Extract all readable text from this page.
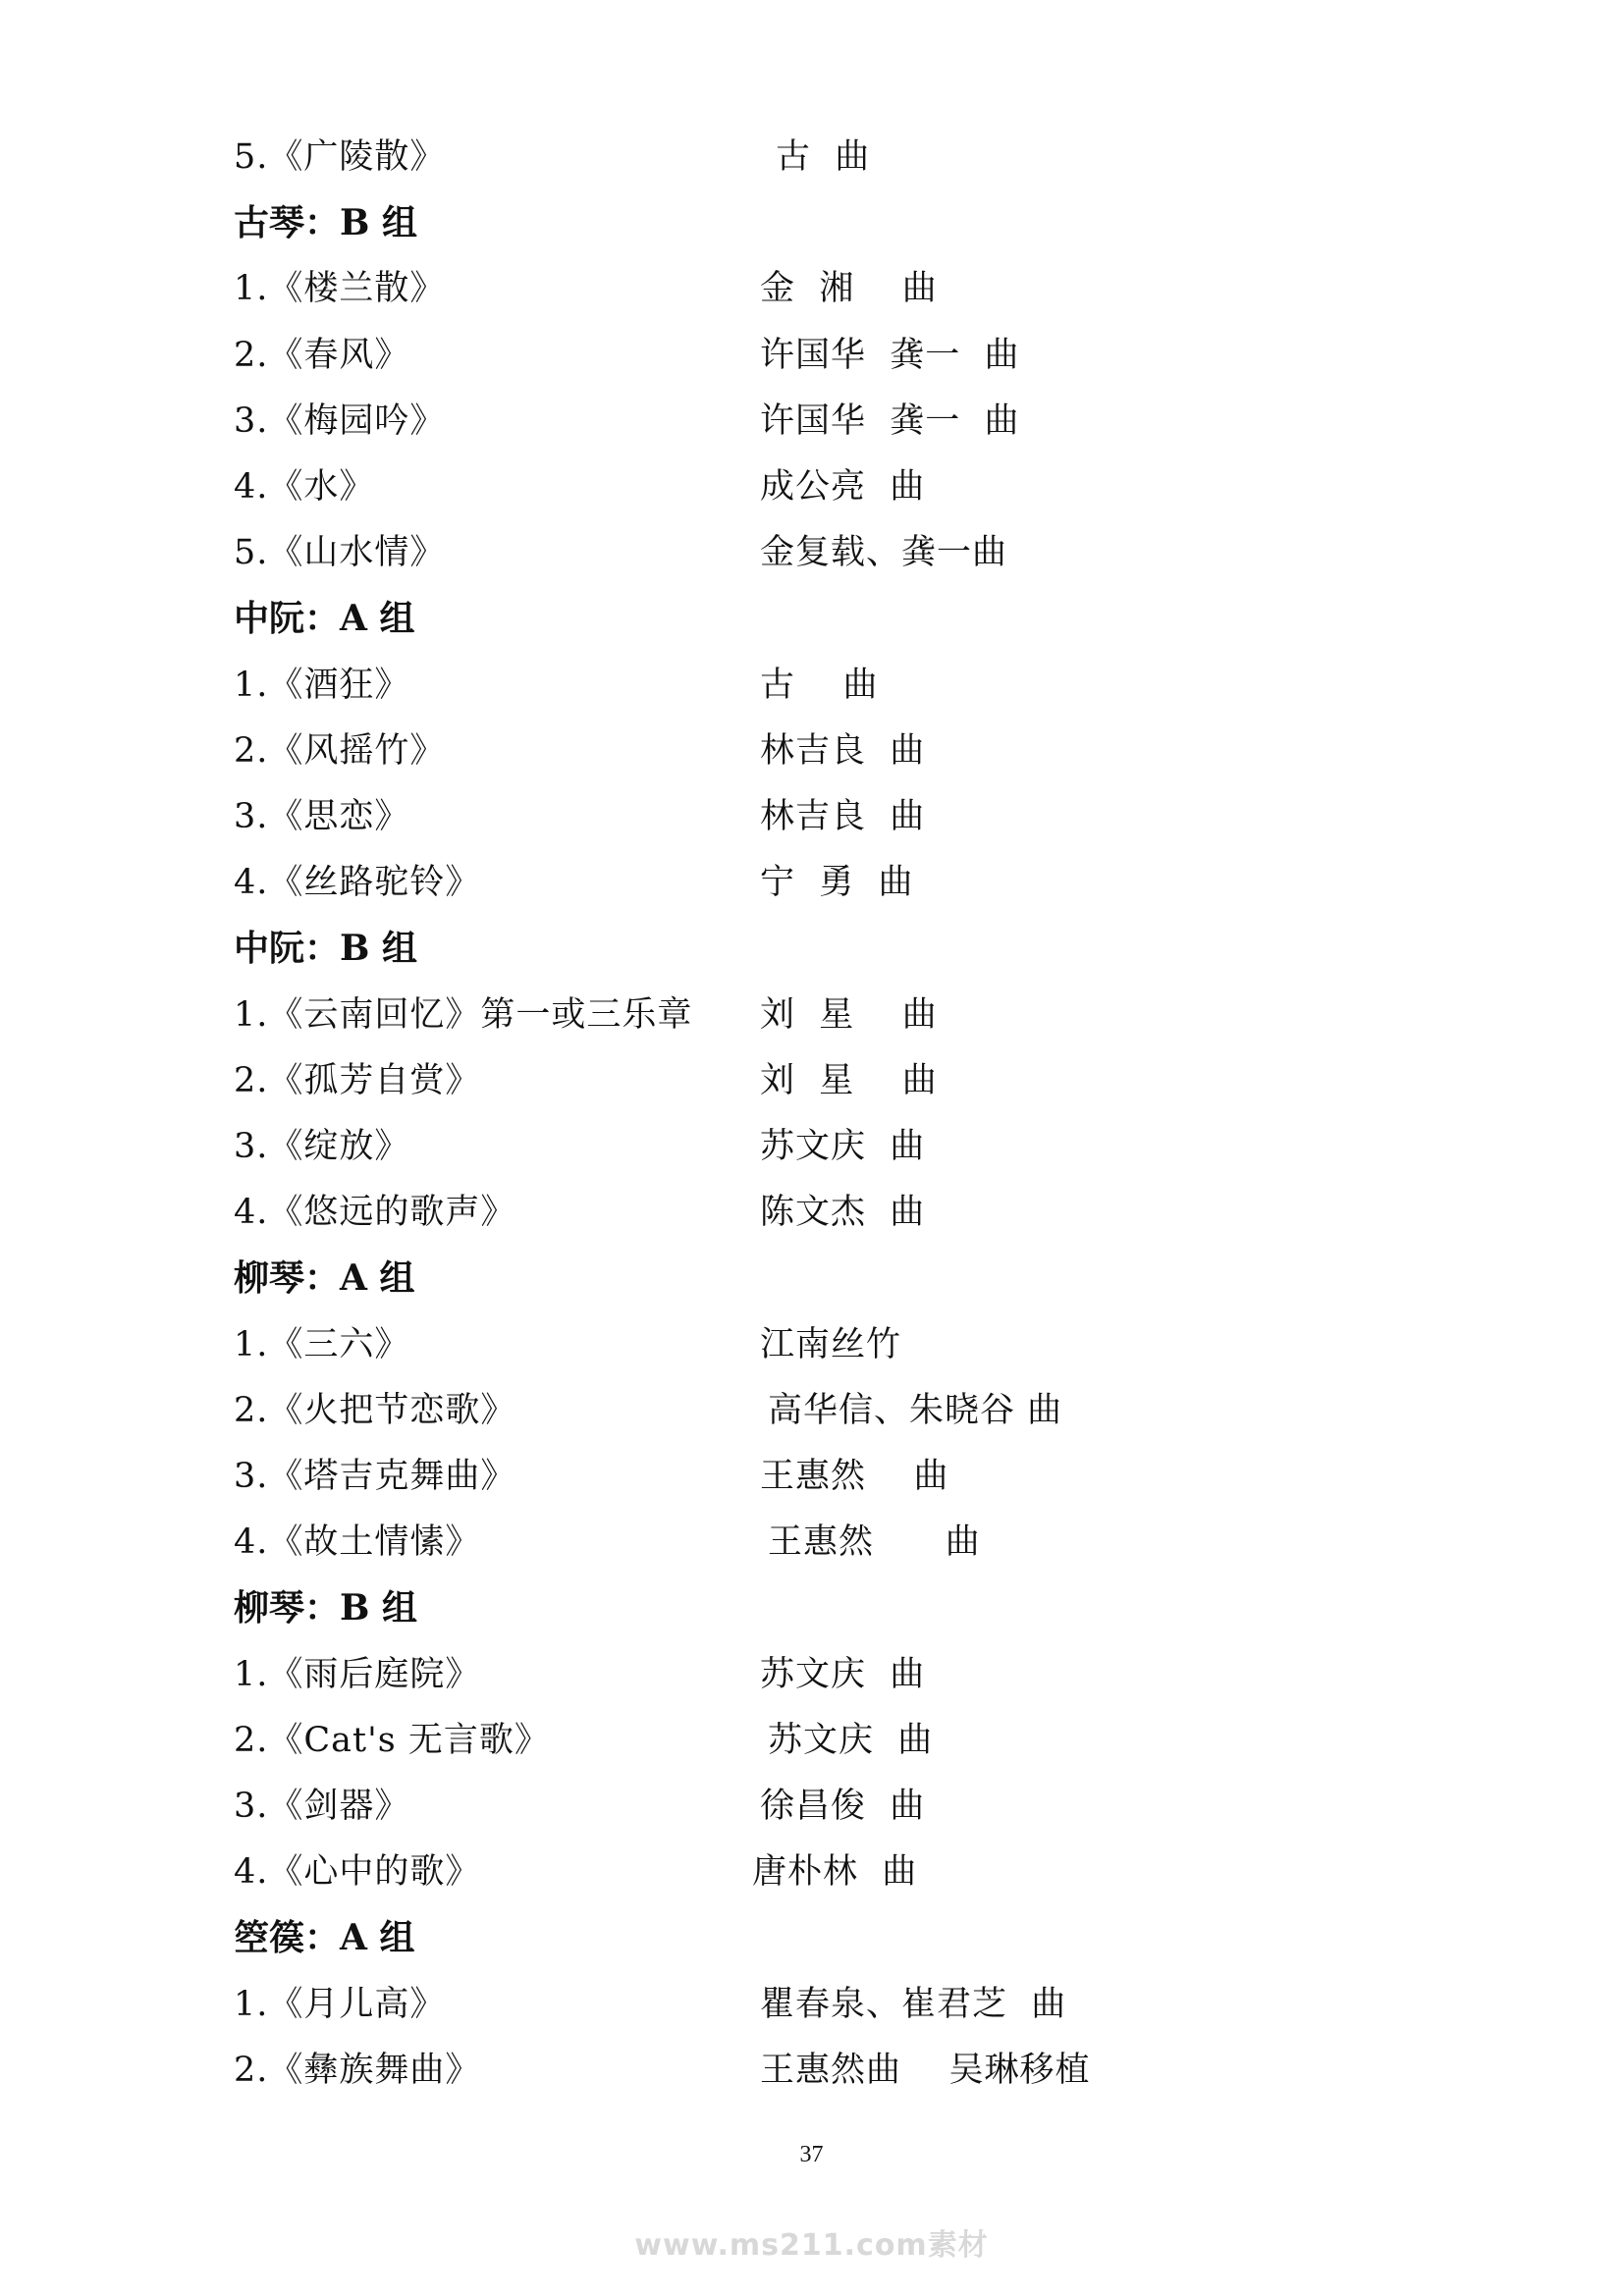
5.《广陵散》	古  曲
古琴：B 组
1.《楼兰散》	金  湘    曲
2.《春风》	许国华  龚一  曲
3.《梅园吟》	许国华  龚一  曲
4.《水》	成公亮  曲
5.《山水情》	金复载、龚一曲
中阮：A 组
1.《酒狂》	古    曲
2.《风摇竹》	林吉良  曲
3.《思恋》	林吉良  曲
4.《丝路驼铃》	宁  勇  曲
中阮：B 组
1.《云南回忆》第一或三乐章 刘  星    曲
2.《孤芳自赏》	刘  星    曲
3.《绽放》	苏文庆  曲
4.《悠远的歌声》	陈文杰  曲
柳琴：A 组
1.《三六》	江南丝竹
2.《火把节恋歌》	高华信、朱晓谷 曲
3.《塔吉克舞曲》	王惠然    曲
4.《故土情愫》	王惠然      曲
柳琴：B 组
1.《雨后庭院》	苏文庆  曲
2.《Cat's 无言歌》	苏文庆  曲
3.《剑器》	徐昌俊  曲
4.《心中的歌》	唐朴林  曲
箜篌：A 组
1.《月儿高》	瞿春泉、崔君芝  曲
2.《彝族舞曲》	王惠然曲    吴琳移植
37
www.ms211.com素材
